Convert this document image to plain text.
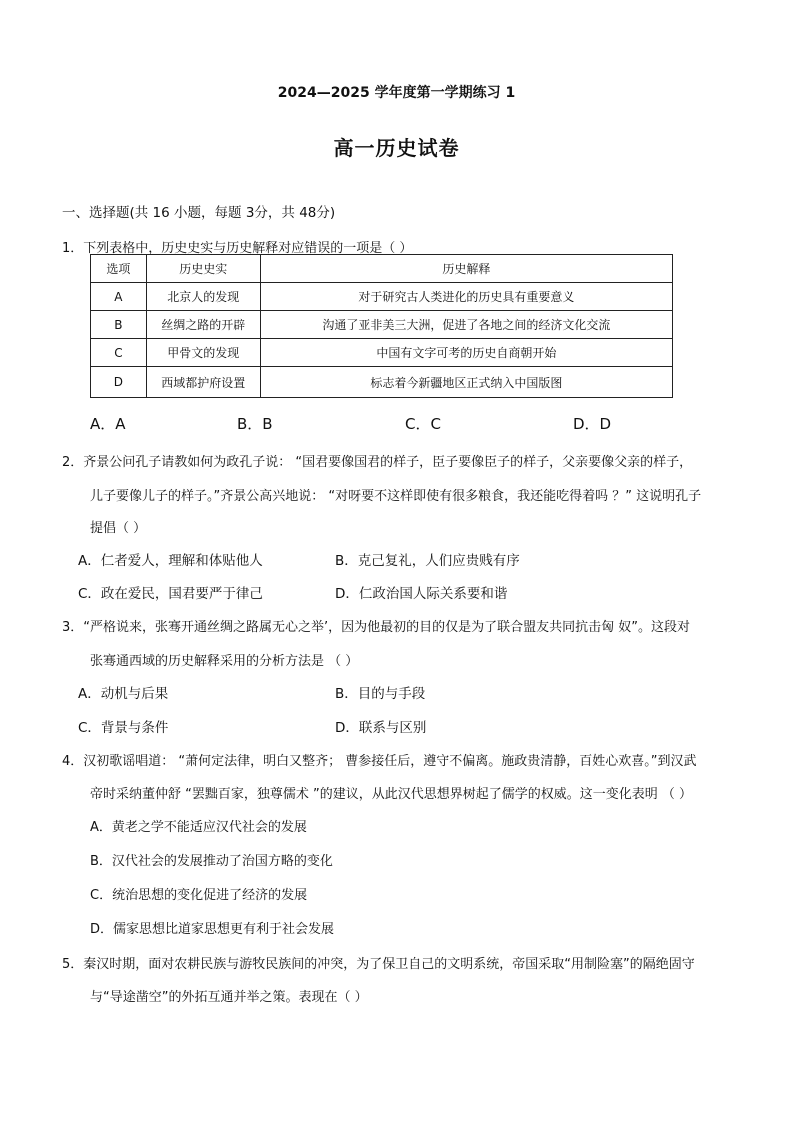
2024—2025 学年度第一学期练习 1
高一历史试卷
一、选择题(共 16 小题，每题 3分，共 48分)
1．下列表格中，历史史实与历史解释对应错误的一项是（ ）
选项	历史史实	历史解释
A	北京人的发现	对于研究古人类进化的历史具有重要意义
B	丝绸之路的开辟	沟通了亚非美三大洲，促进了各地之间的经济文化交流
C	甲骨文的发现	中国有文字可考的历史自商朝开始
D	西域都护府设置	标志着今新疆地区正式纳入中国版图
A．A	B．B	C．C	D．D
2．齐景公问孔子请教如何为政孔子说： “国君要像国君的样子，臣子要像臣子的样子，父亲要像父亲的样子，
儿子要像儿子的样子。”齐景公高兴地说： “对呀要不这样即使有很多粮食，我还能吃得着吗 ？” 这说明孔子
提倡（ ）
A．仁者爱人，理解和体贴他人	B．克己复礼，人们应贵贱有序
C．政在爱民，国君要严于律己	D．仁政治国人际关系要和谐
3．“严格说来，张骞开通丝绸之路属无心之举’，因为他最初的目的仅是为了联合盟友共同抗击匈 奴”。这段对
张骞通西域的历史解释采用的分析方法是 （ ）
A．动机与后果	B．目的与手段
C．背景与条件	D．联系与区别
4．汉初歌谣唱道： “萧何定法律，明白又整齐； 曹参接任后，遵守不偏离。施政贵清静，百姓心欢喜。”到汉武
帝时采纳董仲舒 “罢黜百家，独尊儒术 ”的建议，从此汉代思想界树起了儒学的权威。这一变化表明 （ ）
A．黄老之学不能适应汉代社会的发展
B．汉代社会的发展推动了治国方略的变化
C．统治思想的变化促进了经济的发展
D．儒家思想比道家思想更有利于社会发展
5．秦汉时期，面对农耕民族与游牧民族间的冲突，为了保卫自己的文明系统，帝国采取“用制险塞”的隔绝固守
与“导途凿空”的外拓互通并举之策。表现在（ ）
